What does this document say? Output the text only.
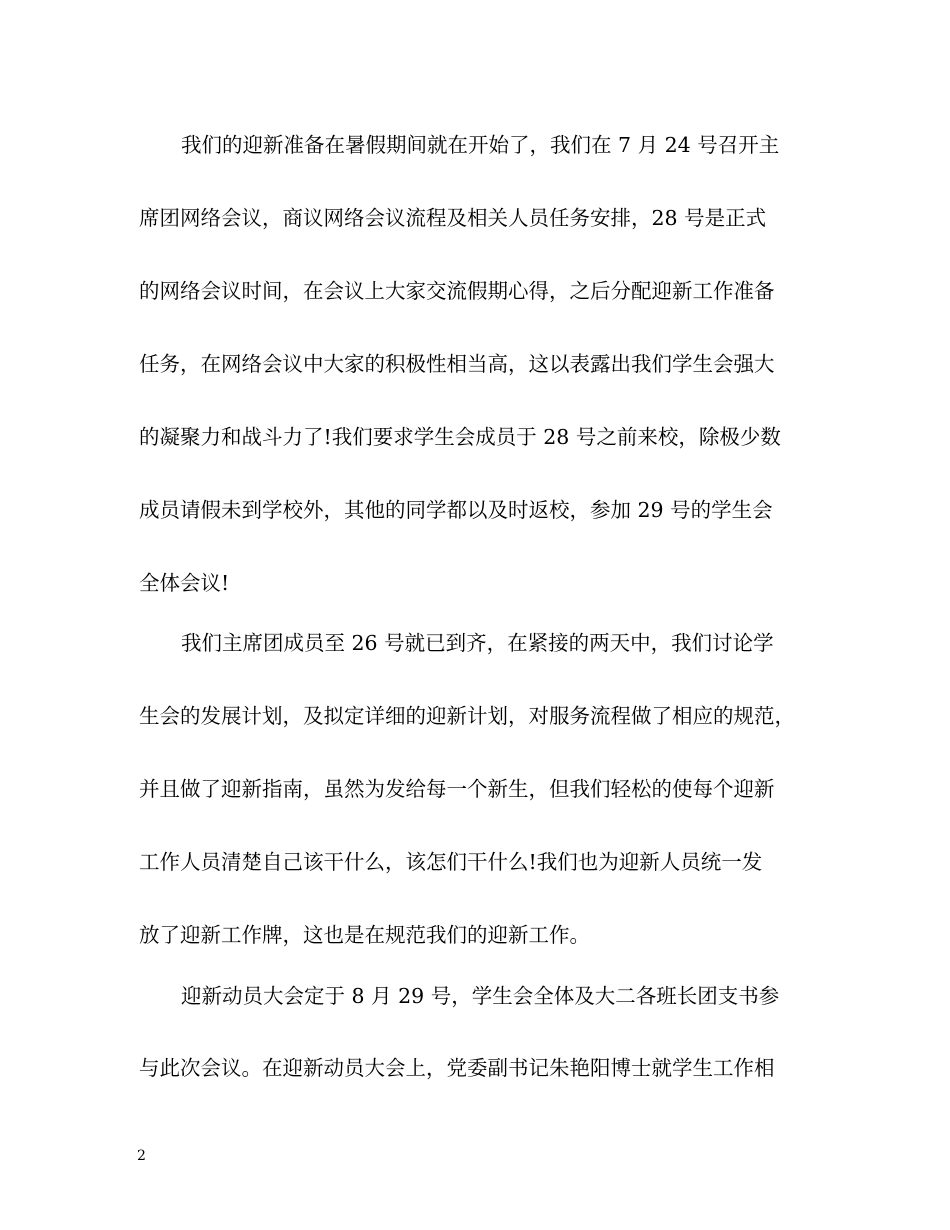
我们的迎新准备在暑假期间就在开始了，我们在 7 月 24 号召开主
席团网络会议，商议网络会议流程及相关人员任务安排，28 号是正式
的网络会议时间，在会议上大家交流假期心得，之后分配迎新工作准备
任务，在网络会议中大家的积极性相当高，这以表露出我们学生会强大
的凝聚力和战斗力了!我们要求学生会成员于 28 号之前来校，除极少数
成员请假未到学校外，其他的同学都以及时返校，参加 29 号的学生会
全体会议!
我们主席团成员至 26 号就已到齐，在紧接的两天中，我们讨论学
生会的发展计划，及拟定详细的迎新计划，对服务流程做了相应的规范，
并且做了迎新指南，虽然为发给每一个新生，但我们轻松的使每个迎新
工作人员清楚自己该干什么，该怎们干什么!我们也为迎新人员统一发
放了迎新工作牌，这也是在规范我们的迎新工作。
迎新动员大会定于 8 月 29 号，学生会全体及大二各班长团支书参
与此次会议。在迎新动员大会上，党委副书记朱艳阳博士就学生工作相
2
